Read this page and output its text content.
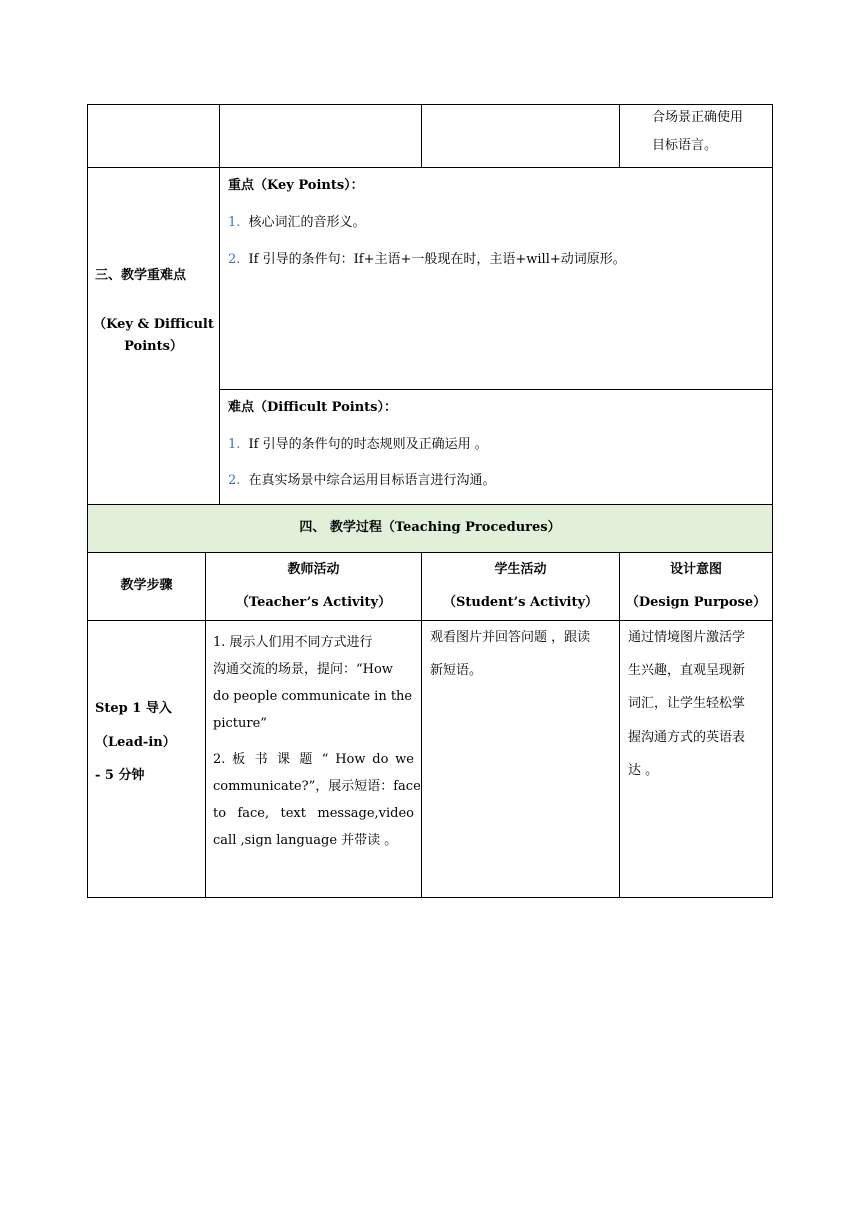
合场景正确使用
目标语言。
三、教学重难点
（Key & Difficult
Points）
重点（Key Points）：
1. 核心词汇的音形义。
2. If 引导的条件句：If+主语+一般现在时，主语+will+动词原形。
难点（Difficult Points）：
1. If 引导的条件句的时态规则及正确运用 。
2. 在真实场景中综合运用目标语言进行沟通。
四、 教学过程（Teaching Procedures）
教学步骤
教师活动
（Teacher’s Activity）
学生活动
（Student’s Activity）
设计意图
（Design Purpose）
Step 1 导入
（Lead-in）
- 5 分钟
1. 展示人们用不同方式进行
沟通交流的场景，提问：“How
do people communicate in the
picture”
2. 板 书 课 题 “ How do we
communicate?”，展示短语：face
to face, text message,video
call ,sign language 并带读 。
观看图片并回答问题 ，跟读
新短语。
通过情境图片激活学
生兴趣，直观呈现新
词汇，让学生轻松掌
握沟通方式的英语表
达 。
